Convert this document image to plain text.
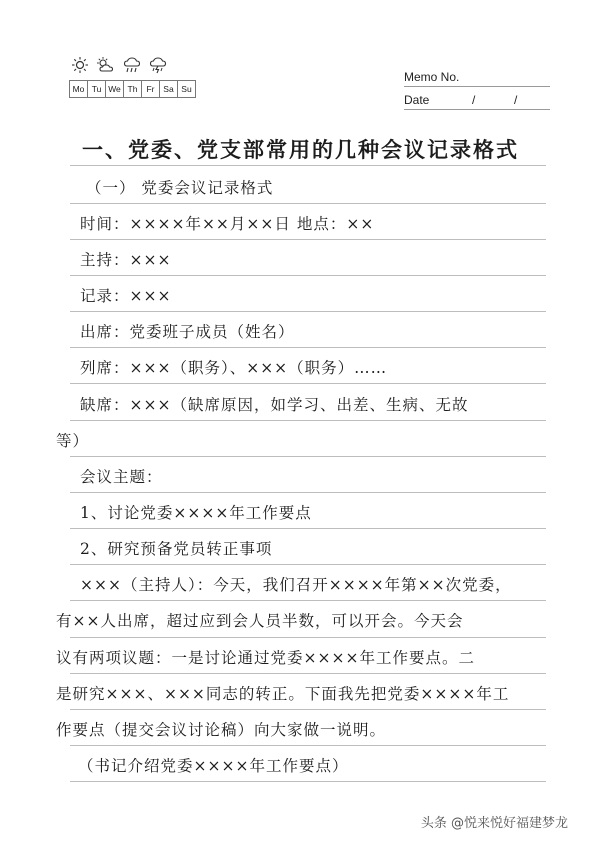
Mo Tu We Th	Fr	Sa Su
Memo No.
Date	/	/
一、党委、党支部常用的几种会议记录格式
（一） 党委会议记录格式
时间：××××年××月××日 地点：××
主持：×××
记录：×××
出席：党委班子成员（姓名）
列席：×××（职务）、×××（职务）……
缺席：×××（缺席原因，如学习、出差、生病、无故
等）
会议主题：
1、讨论党委××××年工作要点
2、研究预备党员转正事项
×××（主持人）：今天，我们召开××××年第××次党委，
有××人出席，超过应到会人员半数，可以开会。今天会
议有两项议题：一是讨论通过党委××××年工作要点。二
是研究×××、×××同志的转正。下面我先把党委××××年工
作要点（提交会议讨论稿）向大家做一说明。
（书记介绍党委××××年工作要点）
头条 @悦来悦好福建梦龙
